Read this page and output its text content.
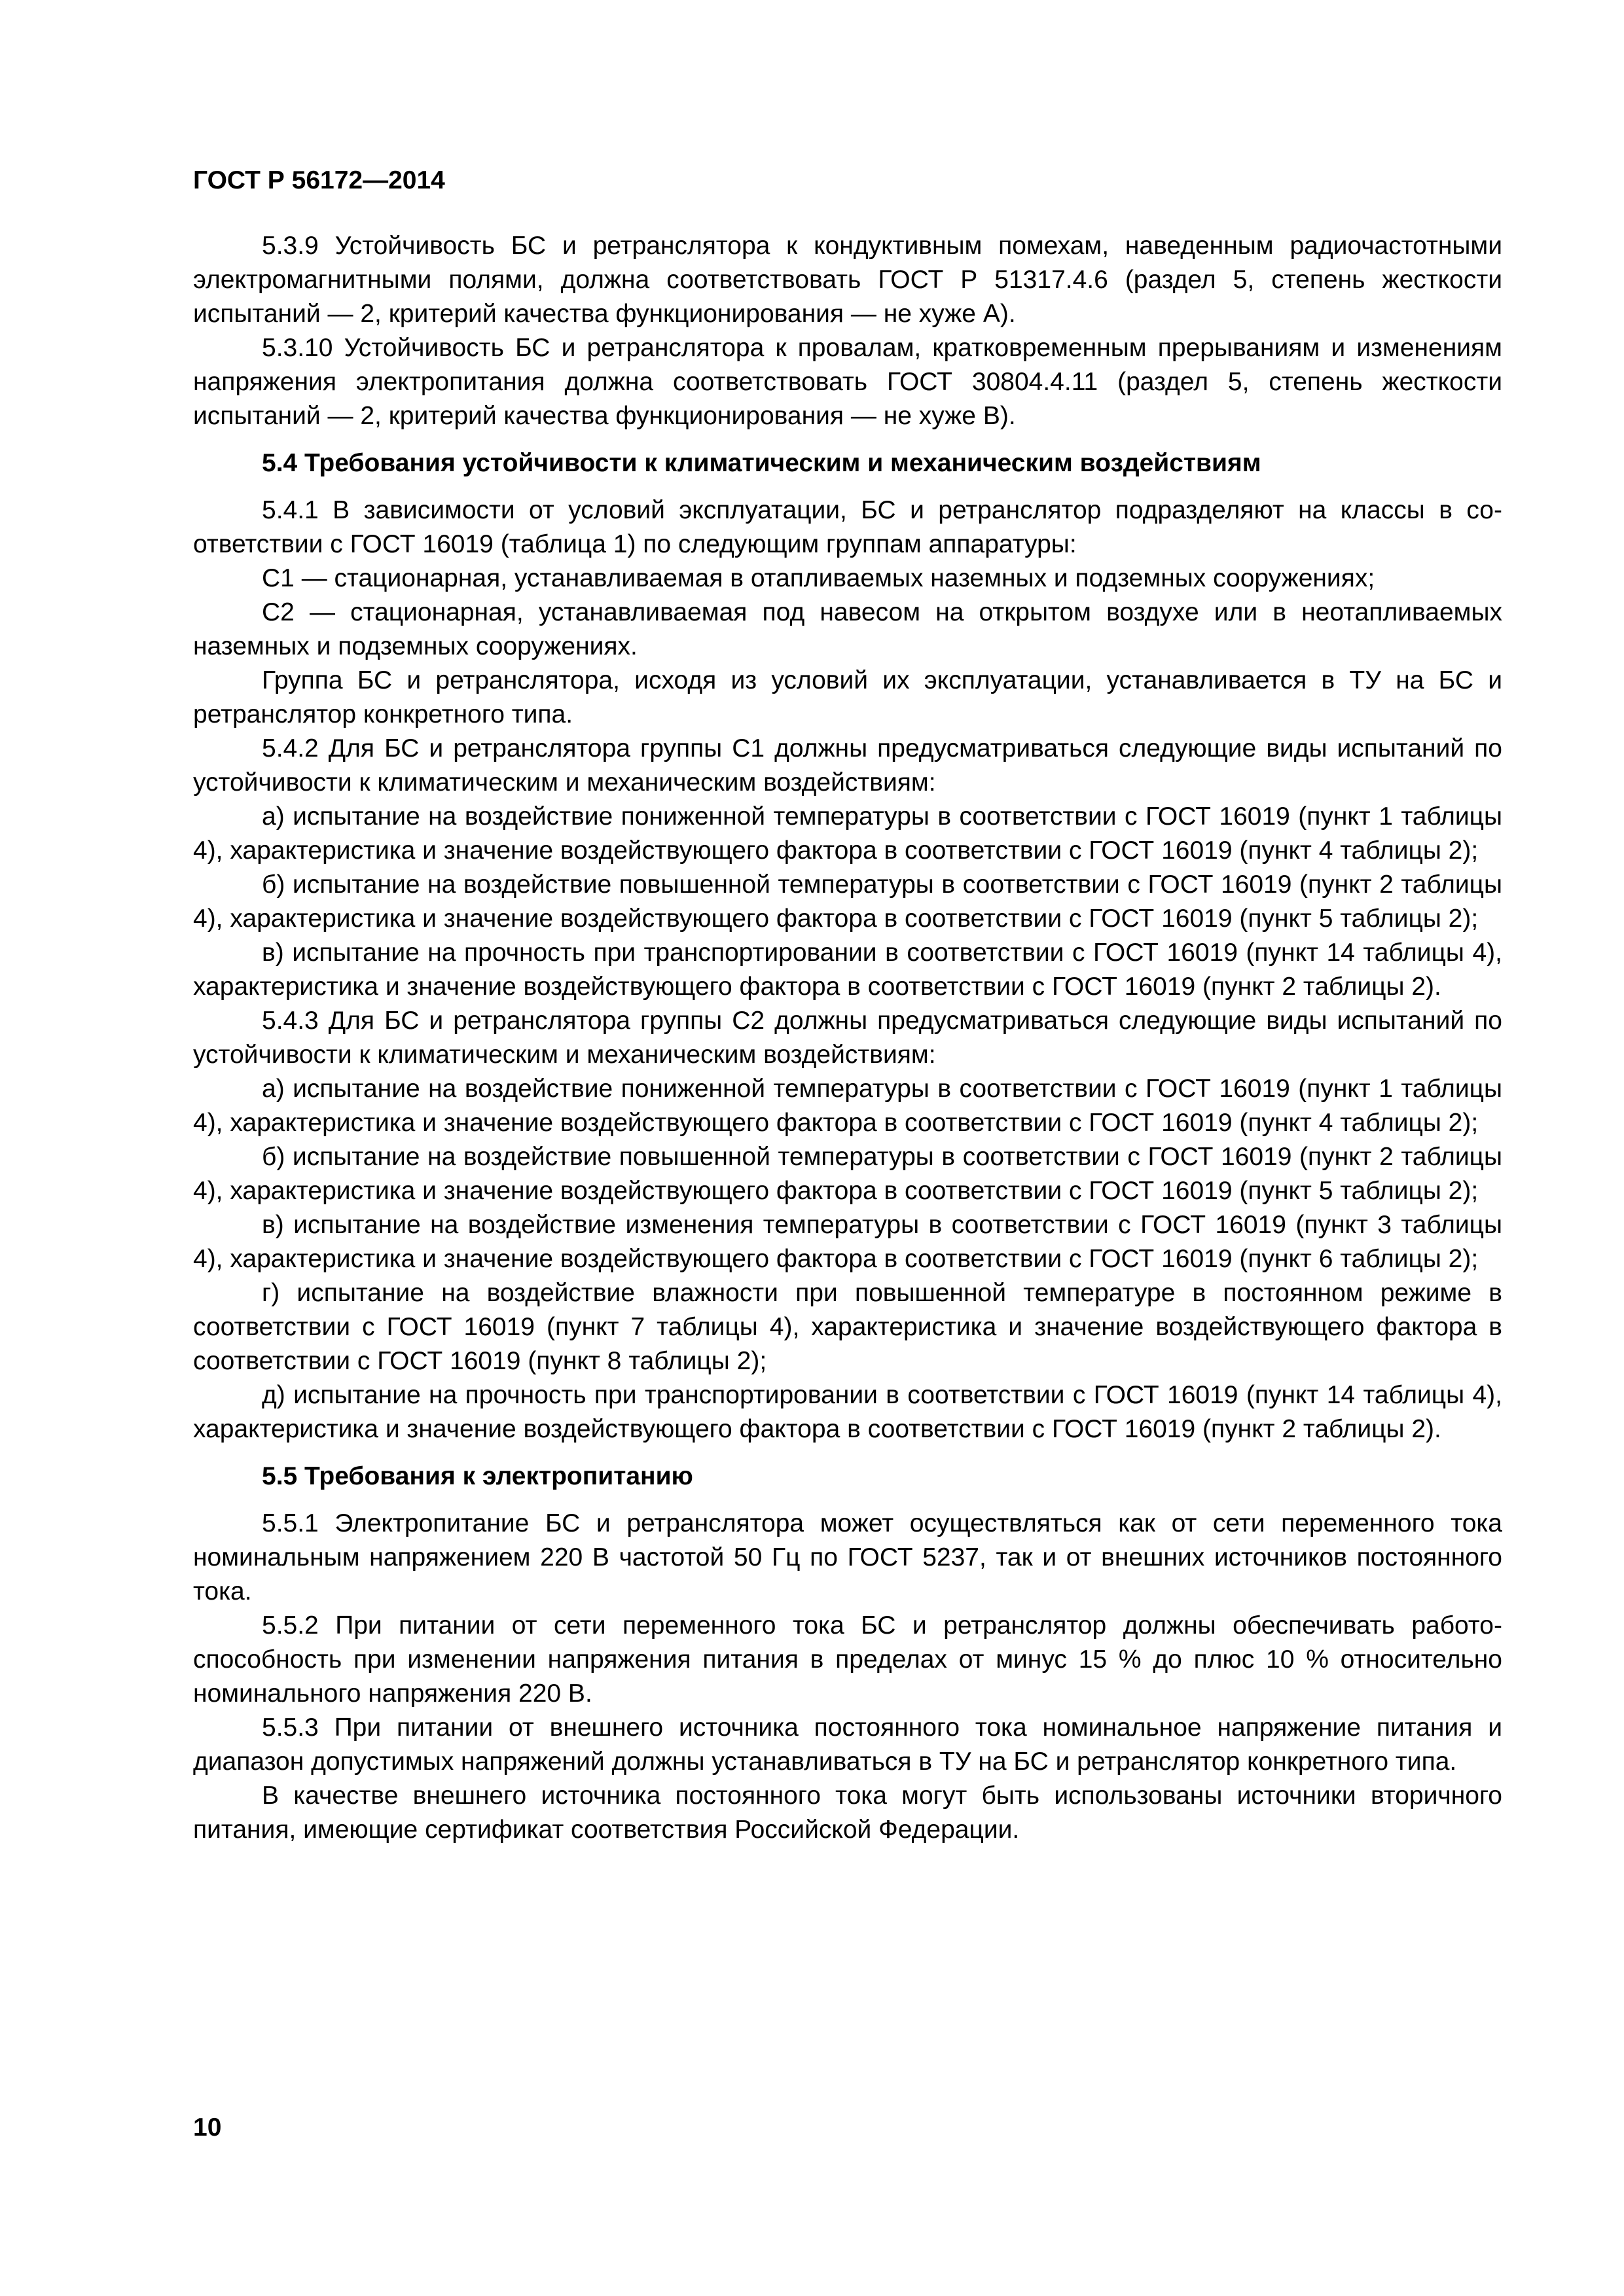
ГОСТ Р 56172—2014

5.3.9 Устойчивость БС и ретранслятора к кондуктивным помехам, наведенным радиочастотными электромагнитными полями, должна соответствовать ГОСТ Р 51317.4.6 (раздел 5, степень жесткости испытаний — 2, критерий качества функционирования — не хуже А).

5.3.10 Устойчивость БС и ретранслятора к провалам, кратковременным прерываниям и изменениям напряжения электропитания должна соответствовать ГОСТ 30804.4.11 (раздел 5, степень жесткости испытаний — 2, критерий качества функционирования — не хуже В).

5.4 Требования устойчивости к климатическим и механическим воздействиям

5.4.1 В зависимости от условий эксплуатации, БС и ретранслятор подразделяют на классы в соответствии с ГОСТ 16019 (таблица 1) по следующим группам аппаратуры:

С1 — стационарная, устанавливаемая в отапливаемых наземных и подземных сооружениях;

С2 — стационарная, устанавливаемая под навесом на открытом воздухе или в неотапливаемых наземных и подземных сооружениях.

Группа БС и ретранслятора, исходя из условий их эксплуатации, устанавливается в ТУ на БС и ретранслятор конкретного типа.

5.4.2 Для БС и ретранслятора группы С1 должны предусматриваться следующие виды испытаний по устойчивости к климатическим и механическим воздействиям:

а) испытание на воздействие пониженной температуры в соответствии с ГОСТ 16019 (пункт 1 таблицы 4), характеристика и значение воздействующего фактора в соответствии с ГОСТ 16019 (пункт 4 таблицы 2);

б) испытание на воздействие повышенной температуры в соответствии с ГОСТ 16019 (пункт 2 таблицы 4), характеристика и значение воздействующего фактора в соответствии с ГОСТ 16019 (пункт 5 таблицы 2);

в) испытание на прочность при транспортировании в соответствии с ГОСТ 16019 (пункт 14 таблицы 4), характеристика и значение воздействующего фактора в соответствии с ГОСТ 16019 (пункт 2 таблицы 2).

5.4.3 Для БС и ретранслятора группы С2 должны предусматриваться следующие виды испытаний по устойчивости к климатическим и механическим воздействиям:

а) испытание на воздействие пониженной температуры в соответствии с ГОСТ 16019 (пункт 1 таблицы 4), характеристика и значение воздействующего фактора в соответствии с ГОСТ 16019 (пункт 4 таблицы 2);

б) испытание на воздействие повышенной температуры в соответствии с ГОСТ 16019 (пункт 2 таблицы 4), характеристика и значение воздействующего фактора в соответствии с ГОСТ 16019 (пункт 5 таблицы 2);

в) испытание на воздействие изменения температуры в соответствии с ГОСТ 16019 (пункт 3 таблицы 4), характеристика и значение воздействующего фактора в соответствии с ГОСТ 16019 (пункт 6 таблицы 2);

г) испытание на воздействие влажности при повышенной температуре в постоянном режиме в соответствии с ГОСТ 16019 (пункт 7 таблицы 4), характеристика и значение воздействующего фактора в соответствии с ГОСТ 16019 (пункт 8 таблицы 2);

д) испытание на прочность при транспортировании в соответствии с ГОСТ 16019 (пункт 14 таблицы 4), характеристика и значение воздействующего фактора в соответствии с ГОСТ 16019 (пункт 2 таблицы 2).

5.5 Требования к электропитанию

5.5.1 Электропитание БС и ретранслятора может осуществляться как от сети переменного тока номинальным напряжением 220 В частотой 50 Гц по ГОСТ 5237, так и от внешних источников постоянного тока.

5.5.2 При питании от сети переменного тока БС и ретранслятор должны обеспечивать работоспособность при изменении напряжения питания в пределах от минус 15 % до плюс 10 % относительно номинального напряжения 220 В.

5.5.3 При питании от внешнего источника постоянного тока номинальное напряжение питания и диапазон допустимых напряжений должны устанавливаться в ТУ на БС и ретранслятор конкретного типа.

В качестве внешнего источника постоянного тока могут быть использованы источники вторичного питания, имеющие сертификат соответствия Российской Федерации.

10
